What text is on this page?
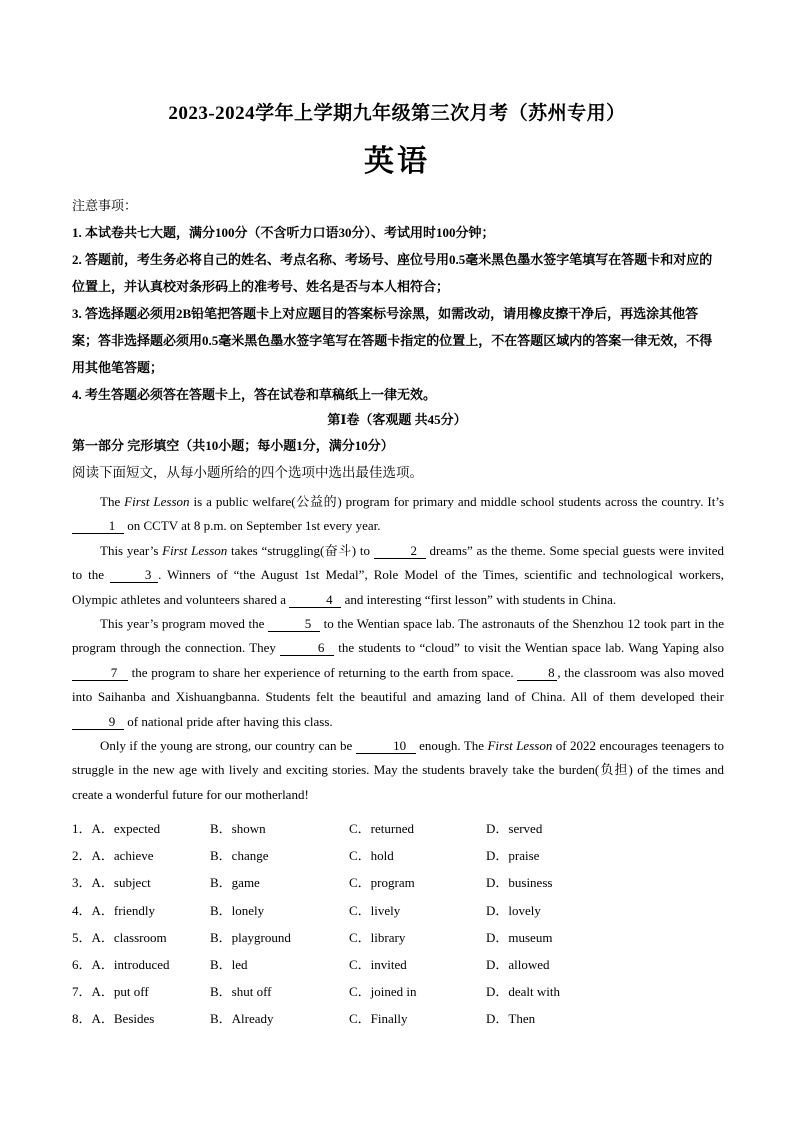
2023-2024学年上学期九年级第三次月考（苏州专用）
英语
注意事项：
1. 本试卷共七大题，满分100分（不含听力口语30分）、考试用时100分钟；
2. 答题前，考生务必将自己的姓名、考点名称、考场号、座位号用0.5毫米黑色墨水签字笔填写在答题卡和对应的位置上，并认真校对条形码上的准考号、姓名是否与本人相符合；
3. 答选择题必须用2B铅笔把答题卡上对应题目的答案标号涂黑，如需改动，请用橡皮擦干净后，再选涂其他答案；答非选择题必须用0.5毫米黑色墨水签字笔写在答题卡指定的位置上，不在答题区域内的答案一律无效，不得用其他笔答题；
4. 考生答题必须答在答题卡上，答在试卷和草稿纸上一律无效。
第Ⅰ卷（客观题 共45分）
第一部分 完形填空（共10小题；每小题1分，满分10分）
阅读下面短文，从每小题所给的四个选项中选出最佳选项。

The First Lesson is a public welfare(公益的) program for primary and middle school students across the country. It’s 1 on CCTV at 8 p.m. on September 1st every year.

This year’s First Lesson takes “struggling(奋斗) to	2 dreams” as the theme. Some special guests were invited to the	3 . Winners of “the August 1st Medal”, Role Model of the Times, scientific and technological workers, Olympic athletes and volunteers shared a	4 and interesting “first lesson” with students in China.

This year’s program moved the	5 to the Wentian space lab. The astronauts of the Shenzhou 12 took part in the program through the connection. They	6 the students to “cloud” to visit the Wentian space lab. Wang Yaping also 7 the program to share her experience of returning to the earth from space. 8 , the classroom was also moved into Saihanba and Xishuangbanna. Students felt the beautiful and amazing land of China. All of them developed their 9 of national pride after having this class.

Only if the young are strong, our country can be	10 enough. The First Lesson of 2022 encourages teenagers to struggle in the new age with lively and exciting stories. May the students bravely take the burden(负担) of the times and create a wonderful future for our motherland!

1．A．expected	B．shown	C．returned	D．served
2．A．achieve	B．change	C．hold	D．praise
3．A．subject	B．game	C．program	D．business
4．A．friendly	B．lonely	C．lively	D．lovely
5．A．classroom	B．playground	C．library	D．museum
6．A．introduced	B．led	C．invited	D．allowed
7．A．put off	B．shut off	C．joined in	D．dealt with
8．A．Besides	B．Already	C．Finally	D．Then
